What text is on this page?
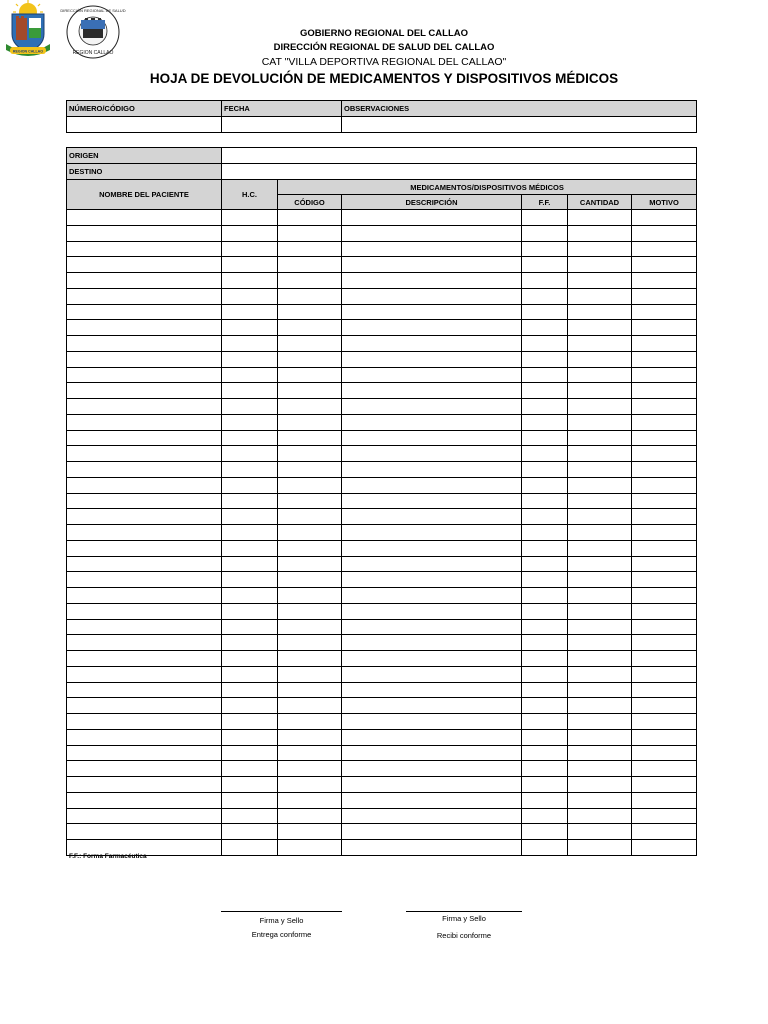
REGION CALLAO

DIRECCIÓN REGIONAL DE SALUD
REGION CALLAO
GOBIERNO REGIONAL DEL CALLAO
DIRECCIÓN REGIONAL DE SALUD DEL CALLAO
CAT "VILLA DEPORTIVA REGIONAL DEL CALLAO"
HOJA DE DEVOLUCIÓN DE MEDICAMENTOS Y DISPOSITIVOS MÉDICOS
NÚMERO/CÓDIGO	FECHA	OBSERVACIONES

ORIGEN	
DESTINO	
NOMBRE DEL PACIENTE	H.C.	MEDICAMENTOS/DISPOSITIVOS MÉDICOS				
		CÓDIGO	DESCRIPCIÓN	F.F.	CANTIDAD	MOTIVO

F.F.: Forma Farmacéutica
Firma y Sello
Entrega conforme
Firma y Sello
Recibi conforme
